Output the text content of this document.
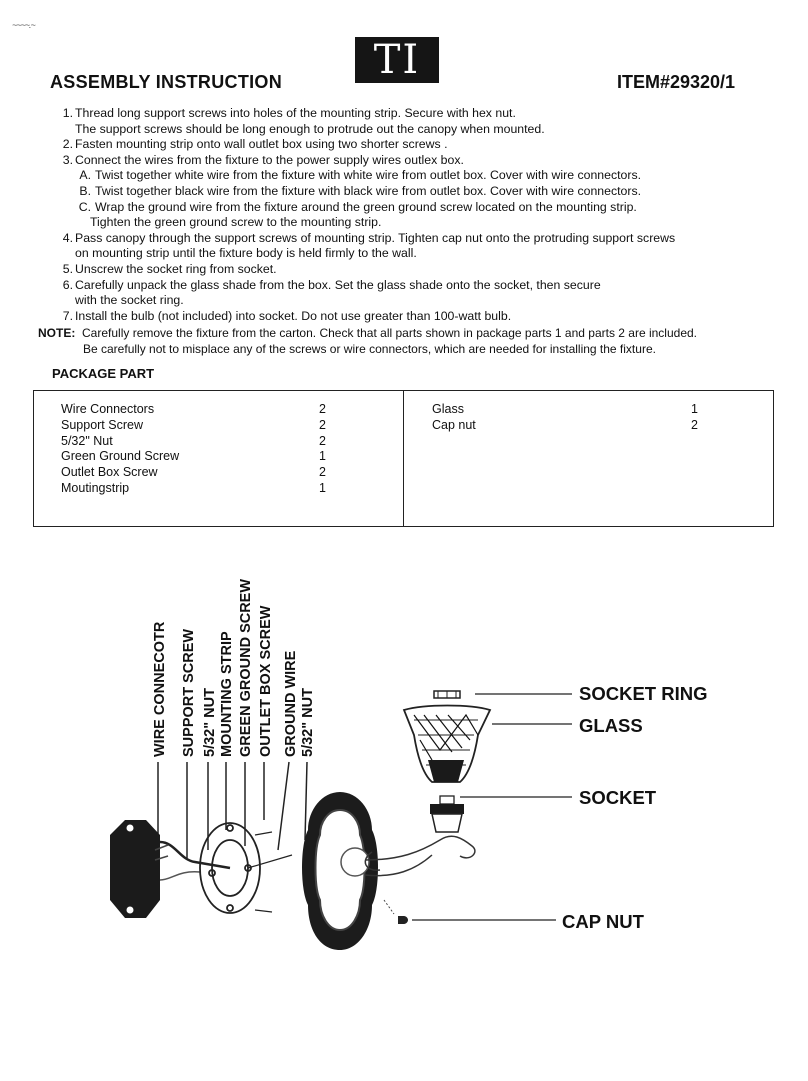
~~~~.~
ASSEMBLY INSTRUCTION	TI	ITEM#29320/1
1. Thread long support screws into holes of the mounting strip. Secure with hex nut.
The support screws should be long enough to protrude out the canopy when mounted.
2. Fasten mounting strip onto wall outlet box using two shorter screws .
3. Connect the wires from the fixture to the power supply wires outlex box.
A. Twist together white wire from the fixture with white wire from outlet box. Cover with wire connectors.
B. Twist together black wire from the fixture with black wire from outlet box. Cover with wire connectors.
C. Wrap the ground wire from the fixture around the green ground screw located on the mounting strip.
Tighten the green ground screw to the mounting strip.
4. Pass canopy through the support screws of mounting strip. Tighten cap nut onto the protruding support screws
on mounting strip until the fixture body is held firmly to the wall.
5. Unscrew the socket ring from socket.
6. Carefully unpack the glass shade from the box. Set the glass shade onto the socket, then secure
with the socket ring.
7. Install the bulb (not included) into socket. Do not use greater than 100-watt bulb.
NOTE: Carefully remove the fixture from the carton. Check that all parts shown in package parts 1 and parts 2 are included.
Be carefully not to misplace any of the screws or wire connectors, which are needed for installing the fixture.
PACKAGE PART
Wire Connectors	2
Support Screw	2
5/32" Nut	2
Green Ground Screw	1
Outlet Box Screw	2
Moutingstrip	1
Glass	1
Cap nut	2
WIRE CONNECOTR SUPPORT SCREW 5/32" NUT MOUNTING STRIP GREEN GROUND SCREW OUTLET BOX SCREW GROUND WIRE 5/32" NUT	SOCKET RING
GLASS
SOCKET
CAP NUT
